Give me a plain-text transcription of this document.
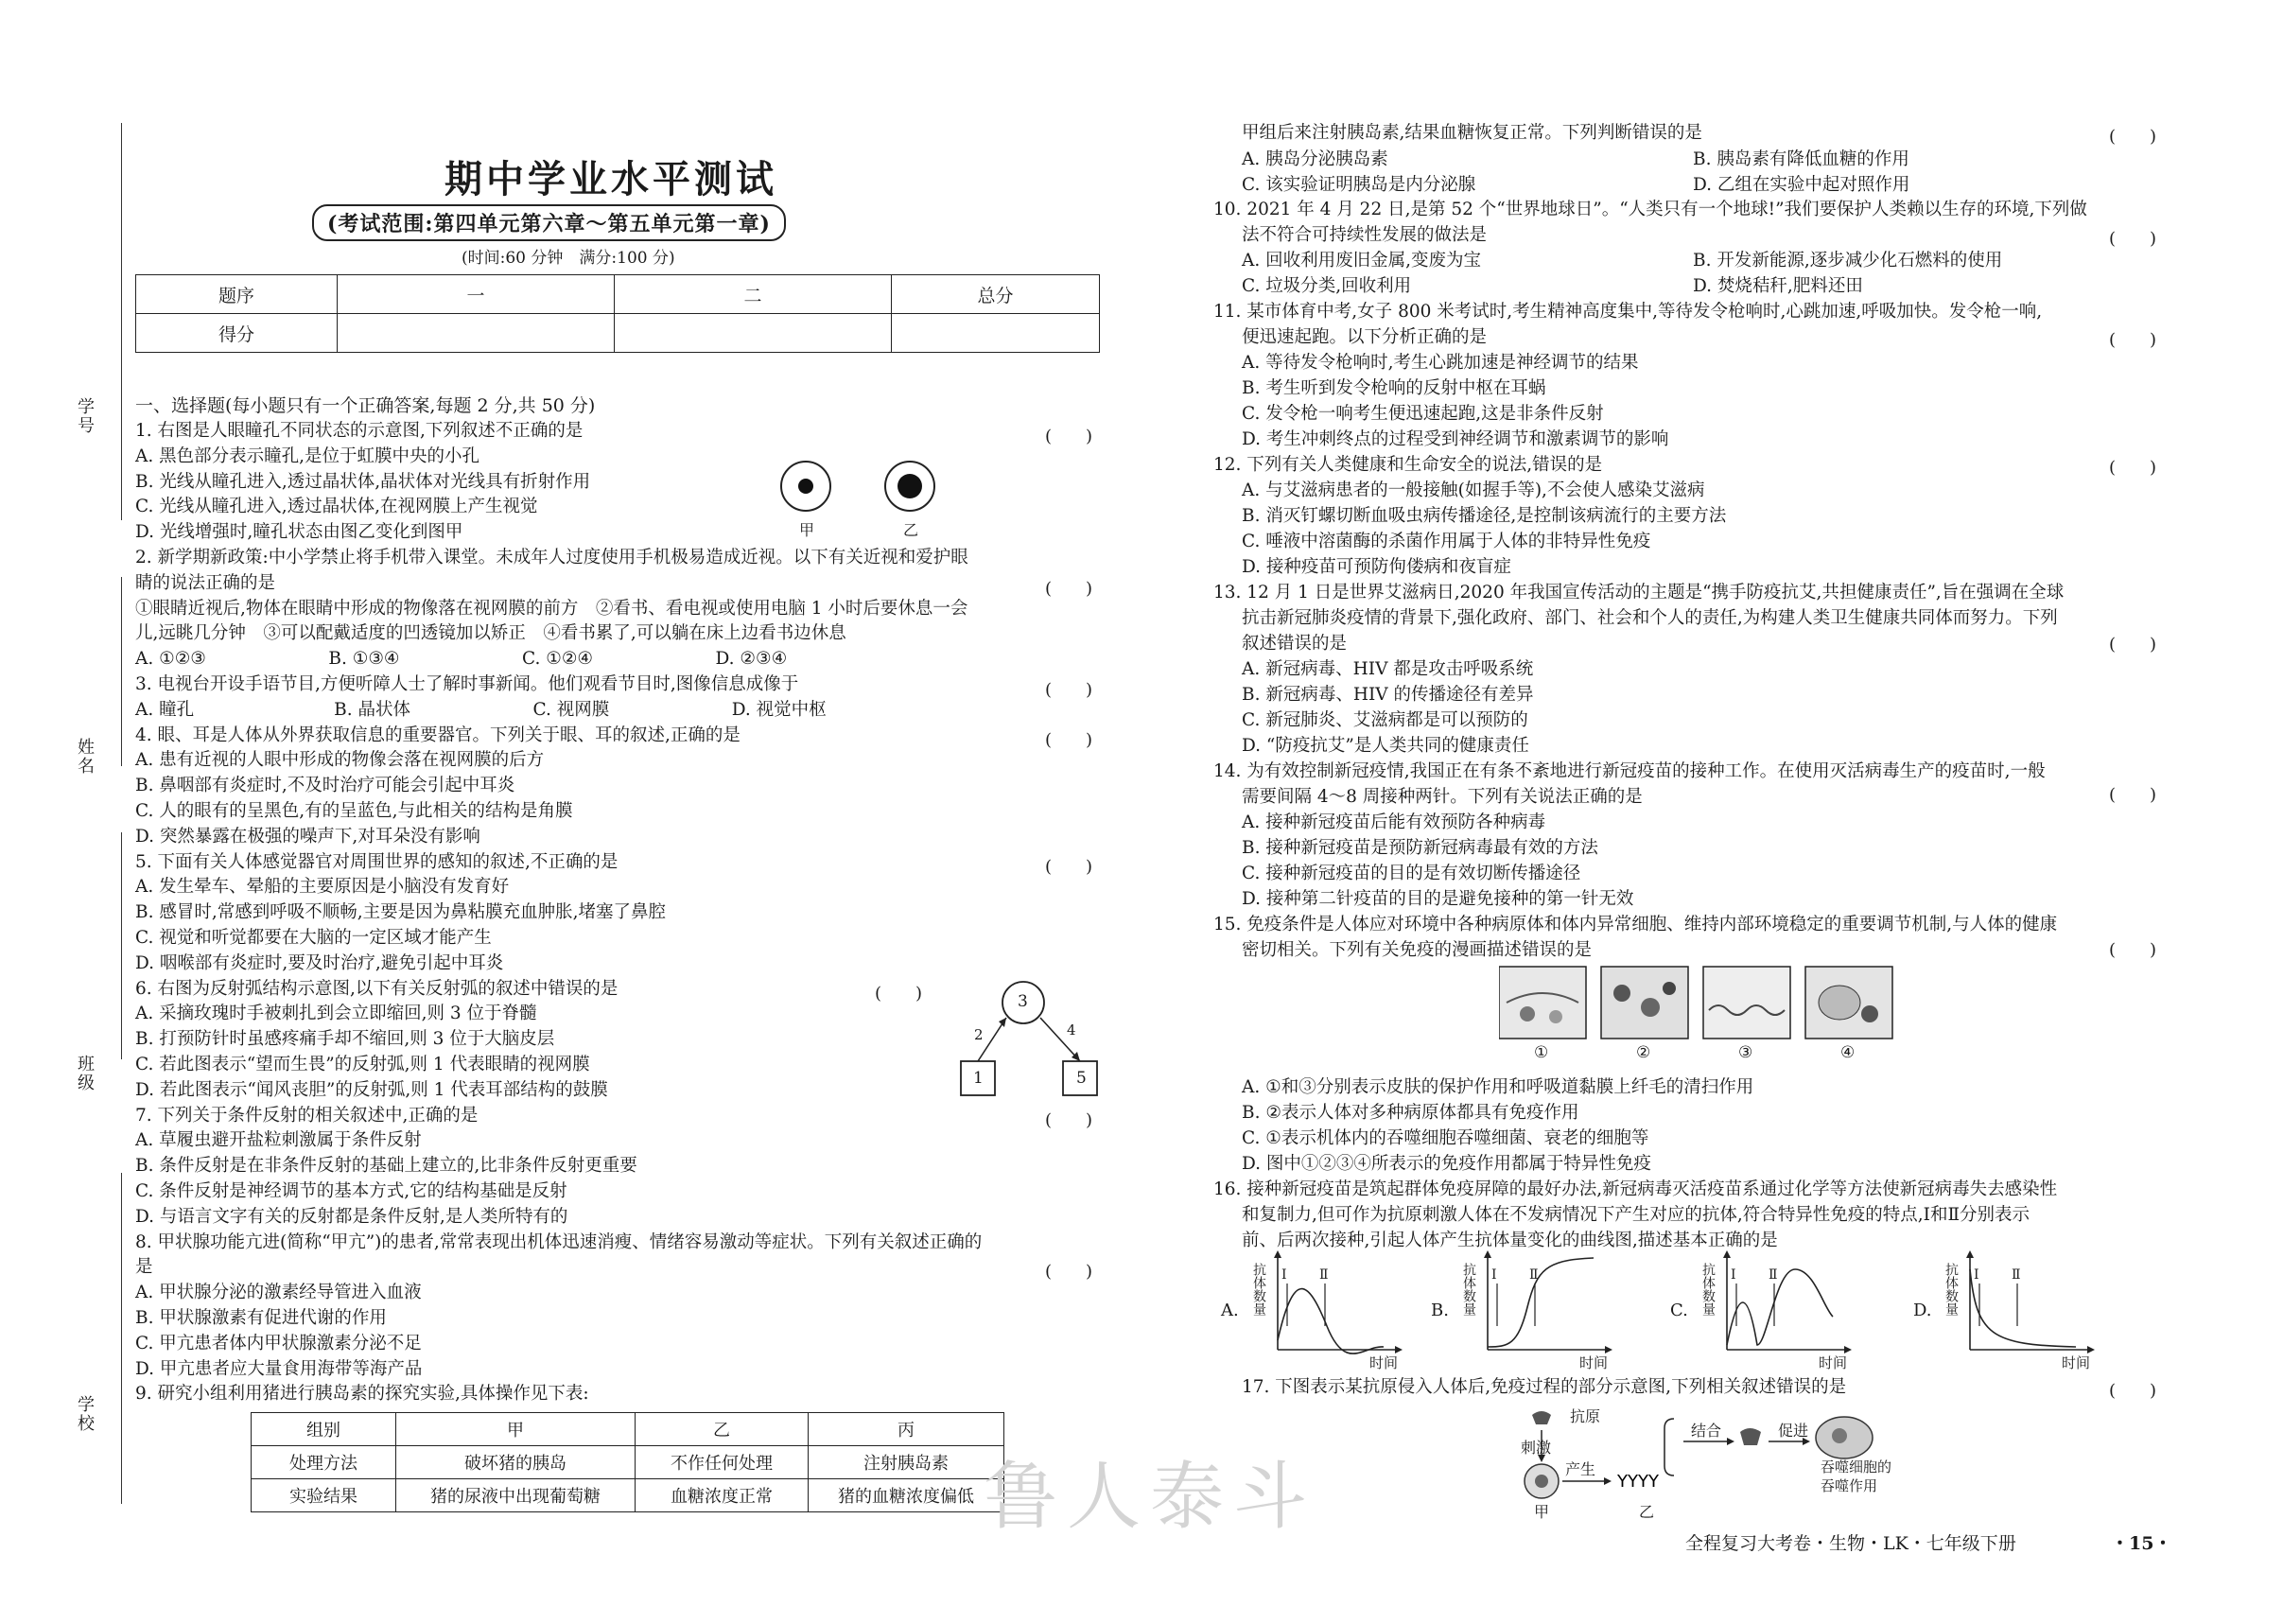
学号
姓名
班级
学校
期中学业水平测试
(考试范围:第四单元第六章～第五单元第一章)
(时间:60 分钟　满分:100 分)
题序	一	二	总分
得分			
一、选择题(每小题只有一个正确答案,每题 2 分,共 50 分)
1. 右图是人眼瞳孔不同状态的示意图,下列叙述不正确的是
A. 黑色部分表示瞳孔,是位于虹膜中央的小孔
B. 光线从瞳孔进入,透过晶状体,晶状体对光线具有折射作用
C. 光线从瞳孔进入,透过晶状体,在视网膜上产生视觉
D. 光线增强时,瞳孔状态由图乙变化到图甲
2. 新学期新政策:中小学禁止将手机带入课堂。未成年人过度使用手机极易造成近视。以下有关近视和爱护眼
睛的说法正确的是
①眼睛近视后,物体在眼睛中形成的物像落在视网膜的前方　②看书、看电视或使用电脑 1 小时后要休息一会
儿,远眺几分钟　③可以配戴适度的凹透镜加以矫正　④看书累了,可以躺在床上边看书边休息
A. ①②③　　　　　　　B. ①③④　　　　　　　C. ①②④　　　　　　　D. ②③④
3. 电视台开设手语节目,方便听障人士了解时事新闻。他们观看节目时,图像信息成像于
A. 瞳孔　　　　　　　　B. 晶状体　　　　　　　C. 视网膜　　　　　　　D. 视觉中枢
4. 眼、耳是人体从外界获取信息的重要器官。下列关于眼、耳的叙述,正确的是
A. 患有近视的人眼中形成的物像会落在视网膜的后方
B. 鼻咽部有炎症时,不及时治疗可能会引起中耳炎
C. 人的眼有的呈黑色,有的呈蓝色,与此相关的结构是角膜
D. 突然暴露在极强的噪声下,对耳朵没有影响
5. 下面有关人体感觉器官对周围世界的感知的叙述,不正确的是
A. 发生晕车、晕船的主要原因是小脑没有发育好
B. 感冒时,常感到呼吸不顺畅,主要是因为鼻粘膜充血肿胀,堵塞了鼻腔
C. 视觉和听觉都要在大脑的一定区域才能产生
D. 咽喉部有炎症时,要及时治疗,避免引起中耳炎
6. 右图为反射弧结构示意图,以下有关反射弧的叙述中错误的是
A. 采摘玫瑰时手被刺扎到会立即缩回,则 3 位于脊髓
B. 打预防针时虽感疼痛手却不缩回,则 3 位于大脑皮层
C. 若此图表示“望而生畏”的反射弧,则 1 代表眼睛的视网膜
D. 若此图表示“闻风丧胆”的反射弧,则 1 代表耳部结构的鼓膜
7. 下列关于条件反射的相关叙述中,正确的是
A. 草履虫避开盐粒刺激属于条件反射
B. 条件反射是在非条件反射的基础上建立的,比非条件反射更重要
C. 条件反射是神经调节的基本方式,它的结构基础是反射
D. 与语言文字有关的反射都是条件反射,是人类所特有的
8. 甲状腺功能亢进(简称“甲亢”)的患者,常常表现出机体迅速消瘦、情绪容易激动等症状。下列有关叙述正确的
是
A. 甲状腺分泌的激素经导管进入血液
B. 甲状腺激素有促进代谢的作用
C. 甲亢患者体内甲状腺激素分泌不足
D. 甲亢患者应大量食用海带等海产品
9. 研究小组利用猪进行胰岛素的探究实验,具体操作见下表:
(　　)
(　　)
(　　)
(　　)
(　　)
(　　)
(　　)
(　　)
(　　)
(　　)
(　　)
(　　)
(　　)
(　　)
(　　)
甲	乙
3
1	5
2	4
组别	甲	乙	丙
处理方法	破坏猪的胰岛	不作任何处理	注射胰岛素
实验结果	猪的尿液中出现葡萄糖	血糖浓度正常	猪的血糖浓度偏低
甲组后来注射胰岛素,结果血糖恢复正常。下列判断错误的是
A. 胰岛分泌胰岛素
C. 该实验证明胰岛是内分泌腺
10. 2021 年 4 月 22 日,是第 52 个“世界地球日”。“人类只有一个地球!”我们要保护人类赖以生存的环境,下列做
法不符合可持续性发展的做法是
A. 回收利用废旧金属,变废为宝
C. 垃圾分类,回收利用
11. 某市体育中考,女子 800 米考试时,考生精神高度集中,等待发令枪响时,心跳加速,呼吸加快。发令枪一响,
便迅速起跑。以下分析正确的是
A. 等待发令枪响时,考生心跳加速是神经调节的结果
B. 考生听到发令枪响的反射中枢在耳蜗
C. 发令枪一响考生便迅速起跑,这是非条件反射
D. 考生冲刺终点的过程受到神经调节和激素调节的影响
12. 下列有关人类健康和生命安全的说法,错误的是
A. 与艾滋病患者的一般接触(如握手等),不会使人感染艾滋病
B. 消灭钉螺切断血吸虫病传播途径,是控制该病流行的主要方法
C. 唾液中溶菌酶的杀菌作用属于人体的非特异性免疫
D. 接种疫苗可预防佝偻病和夜盲症
13. 12 月 1 日是世界艾滋病日,2020 年我国宣传活动的主题是“携手防疫抗艾,共担健康责任”,旨在强调在全球
抗击新冠肺炎疫情的背景下,强化政府、部门、社会和个人的责任,为构建人类卫生健康共同体而努力。下列
叙述错误的是
A. 新冠病毒、HIV 都是攻击呼吸系统
B. 新冠病毒、HIV 的传播途径有差异
C. 新冠肺炎、艾滋病都是可以预防的
D. “防疫抗艾”是人类共同的健康责任
14. 为有效控制新冠疫情,我国正在有条不紊地进行新冠疫苗的接种工作。在使用灭活病毒生产的疫苗时,一般
需要间隔 4～8 周接种两针。下列有关说法正确的是
A. 接种新冠疫苗后能有效预防各种病毒
B. 接种新冠疫苗是预防新冠病毒最有效的方法
C. 接种新冠疫苗的目的是有效切断传播途径
D. 接种第二针疫苗的目的是避免接种的第一针无效
15. 免疫条件是人体应对环境中各种病原体和体内异常细胞、维持内部环境稳定的重要调节机制,与人体的健康
密切相关。下列有关免疫的漫画描述错误的是
A. ①和③分别表示皮肤的保护作用和呼吸道黏膜上纤毛的清扫作用
B. ②表示人体对多种病原体都具有免疫作用
C. ①表示机体内的吞噬细胞吞噬细菌、衰老的细胞等
D. 图中①②③④所表示的免疫作用都属于特异性免疫
16. 接种新冠疫苗是筑起群体免疫屏障的最好办法,新冠病毒灭活疫苗系通过化学等方法使新冠病毒失去感染性
和复制力,但可作为抗原刺激人体在不发病情况下产生对应的抗体,符合特异性免疫的特点,Ⅰ和Ⅱ分别表示
前、后两次接种,引起人体产生抗体量变化的曲线图,描述基本正确的是
B. 胰岛素有降低血糖的作用
D. 乙组在实验中起对照作用
B. 开发新能源,逐步减少化石燃料的使用
D. 焚烧秸秆,肥料还田
①	②	③	④
A. 抗体数量
时间
Ⅰ Ⅱ
B. 抗体数量
时间
Ⅰ Ⅱ
C. 抗体数量
时间
Ⅰ Ⅱ
D. 抗体数量
时间
Ⅰ Ⅱ
17. 下图表示某抗原侵入人体后,免疫过程的部分示意图,下列相关叙述错误的是	(　　)
YYYY
抗原
刺激
产生
甲	乙
结合	促进
吞噬细胞的
吞噬作用
鲁人泰斗
全程复习大考卷・生物・LK・七年级下册	・15・
